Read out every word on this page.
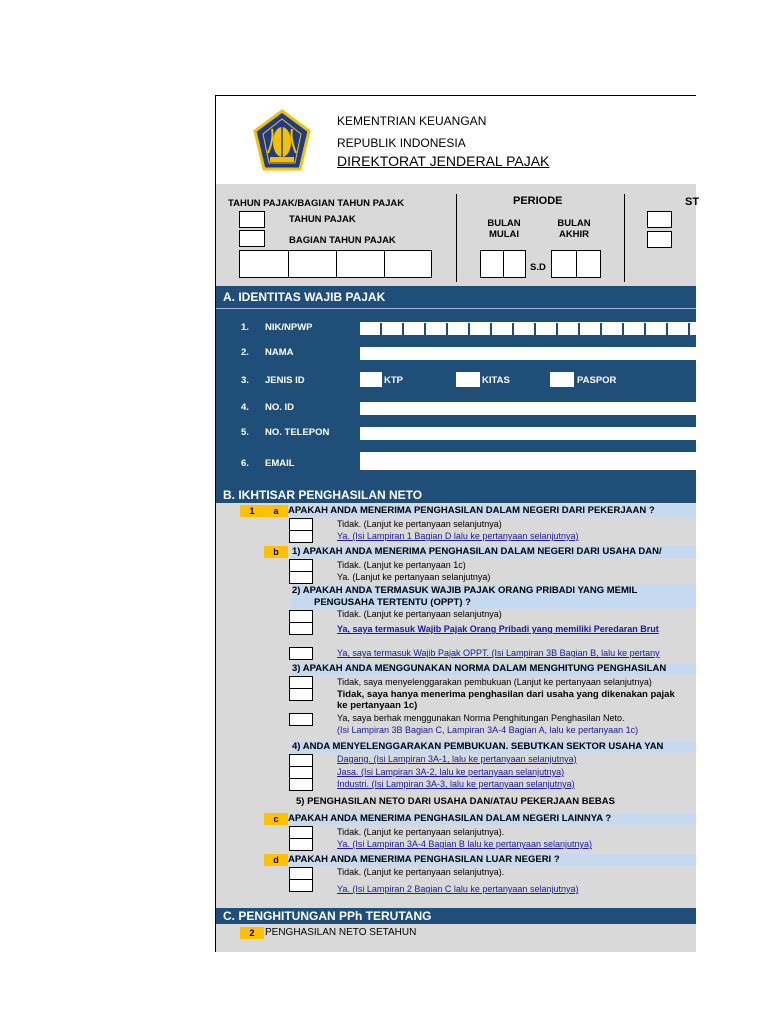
KEMENTRIAN KEUANGAN
REPUBLIK INDONESIA
DIREKTORAT JENDERAL PAJAK
TAHUN PAJAK/BAGIAN TAHUN PAJAK
TAHUN PAJAK
BAGIAN TAHUN PAJAK
PERIODE
BULAN MULAI
BULAN AKHIR
S.D
ST
A. IDENTITAS WAJIB PAJAK
1. NIK/NPWP
2. NAMA
3. JENIS ID	KTP	KITAS	PASPOR
4. NO. ID
5. NO. TELEPON
6. EMAIL
B. IKHTISAR PENGHASILAN NETO
1	a	APAKAH ANDA MENERIMA PENGHASILAN DALAM NEGERI DARI PEKERJAAN ?
Tidak. (Lanjut ke pertanyaan selanjutnya)
Ya. (Isi Lampiran 1 Bagian D lalu ke pertanyaan selanjutnya)
b	1) APAKAH ANDA MENERIMA PENGHASILAN DALAM NEGERI DARI USAHA DAN/
Tidak. (Lanjut ke pertanyaan 1c)
Ya. (Lanjut ke pertanyaan selanjutnya)
2) APAKAH ANDA TERMASUK WAJIB PAJAK ORANG PRIBADI YANG MEMIL
PENGUSAHA TERTENTU (OPPT) ?
Tidak. (Lanjut ke pertanyaan selanjutnya)
Ya, saya termasuk Wajib Pajak Orang Pribadi yang memiliki Peredaran Brut
Ya, saya termasuk Wajib Pajak OPPT. (Isi Lampiran 3B Bagian B, lalu ke pertany
3) APAKAH ANDA MENGGUNAKAN NORMA DALAM MENGHITUNG PENGHASILAN
Tidak, saya menyelenggarakan pembukuan (Lanjut ke pertanyaan selanjutnya)
Tidak, saya hanya menerima penghasilan dari usaha yang dikenakan pajak
ke pertanyaan 1c)
Ya, saya berhak menggunakan Norma Penghitungan Penghasilan Neto.
(Isi Lampiran 3B Bagian C, Lampiran 3A-4 Bagian A, lalu ke pertanyaan 1c)
4) ANDA MENYELENGGARAKAN PEMBUKUAN. SEBUTKAN SEKTOR USAHA YAN
Dagang. (Isi Lampiran 3A-1, lalu ke pertanyaan selanjutnya)
Jasa. (Isi Lampiran 3A-2, lalu ke pertanyaan selanjutnya)
Industri. (Isi Lampiran 3A-3, lalu ke pertanyaan selanjutnya)
5) PENGHASILAN NETO DARI USAHA DAN/ATAU PEKERJAAN BEBAS
c	APAKAH ANDA MENERIMA PENGHASILAN DALAM NEGERI LAINNYA ?
Tidak. (Lanjut ke pertanyaan selanjutnya).
Ya. (Isi Lampiran 3A-4 Bagian B lalu ke pertanyaan selanjutnya)
d APAKAH ANDA MENERIMA PENGHASILAN LUAR NEGERI ?
Tidak. (Lanjut ke pertanyaan selanjutnya).
Ya. (Isi Lampiran 2 Bagian C lalu ke pertanyaan selanjutnya)
C. PENGHITUNGAN PPh TERUTANG
2	PENGHASILAN NETO SETAHUN
